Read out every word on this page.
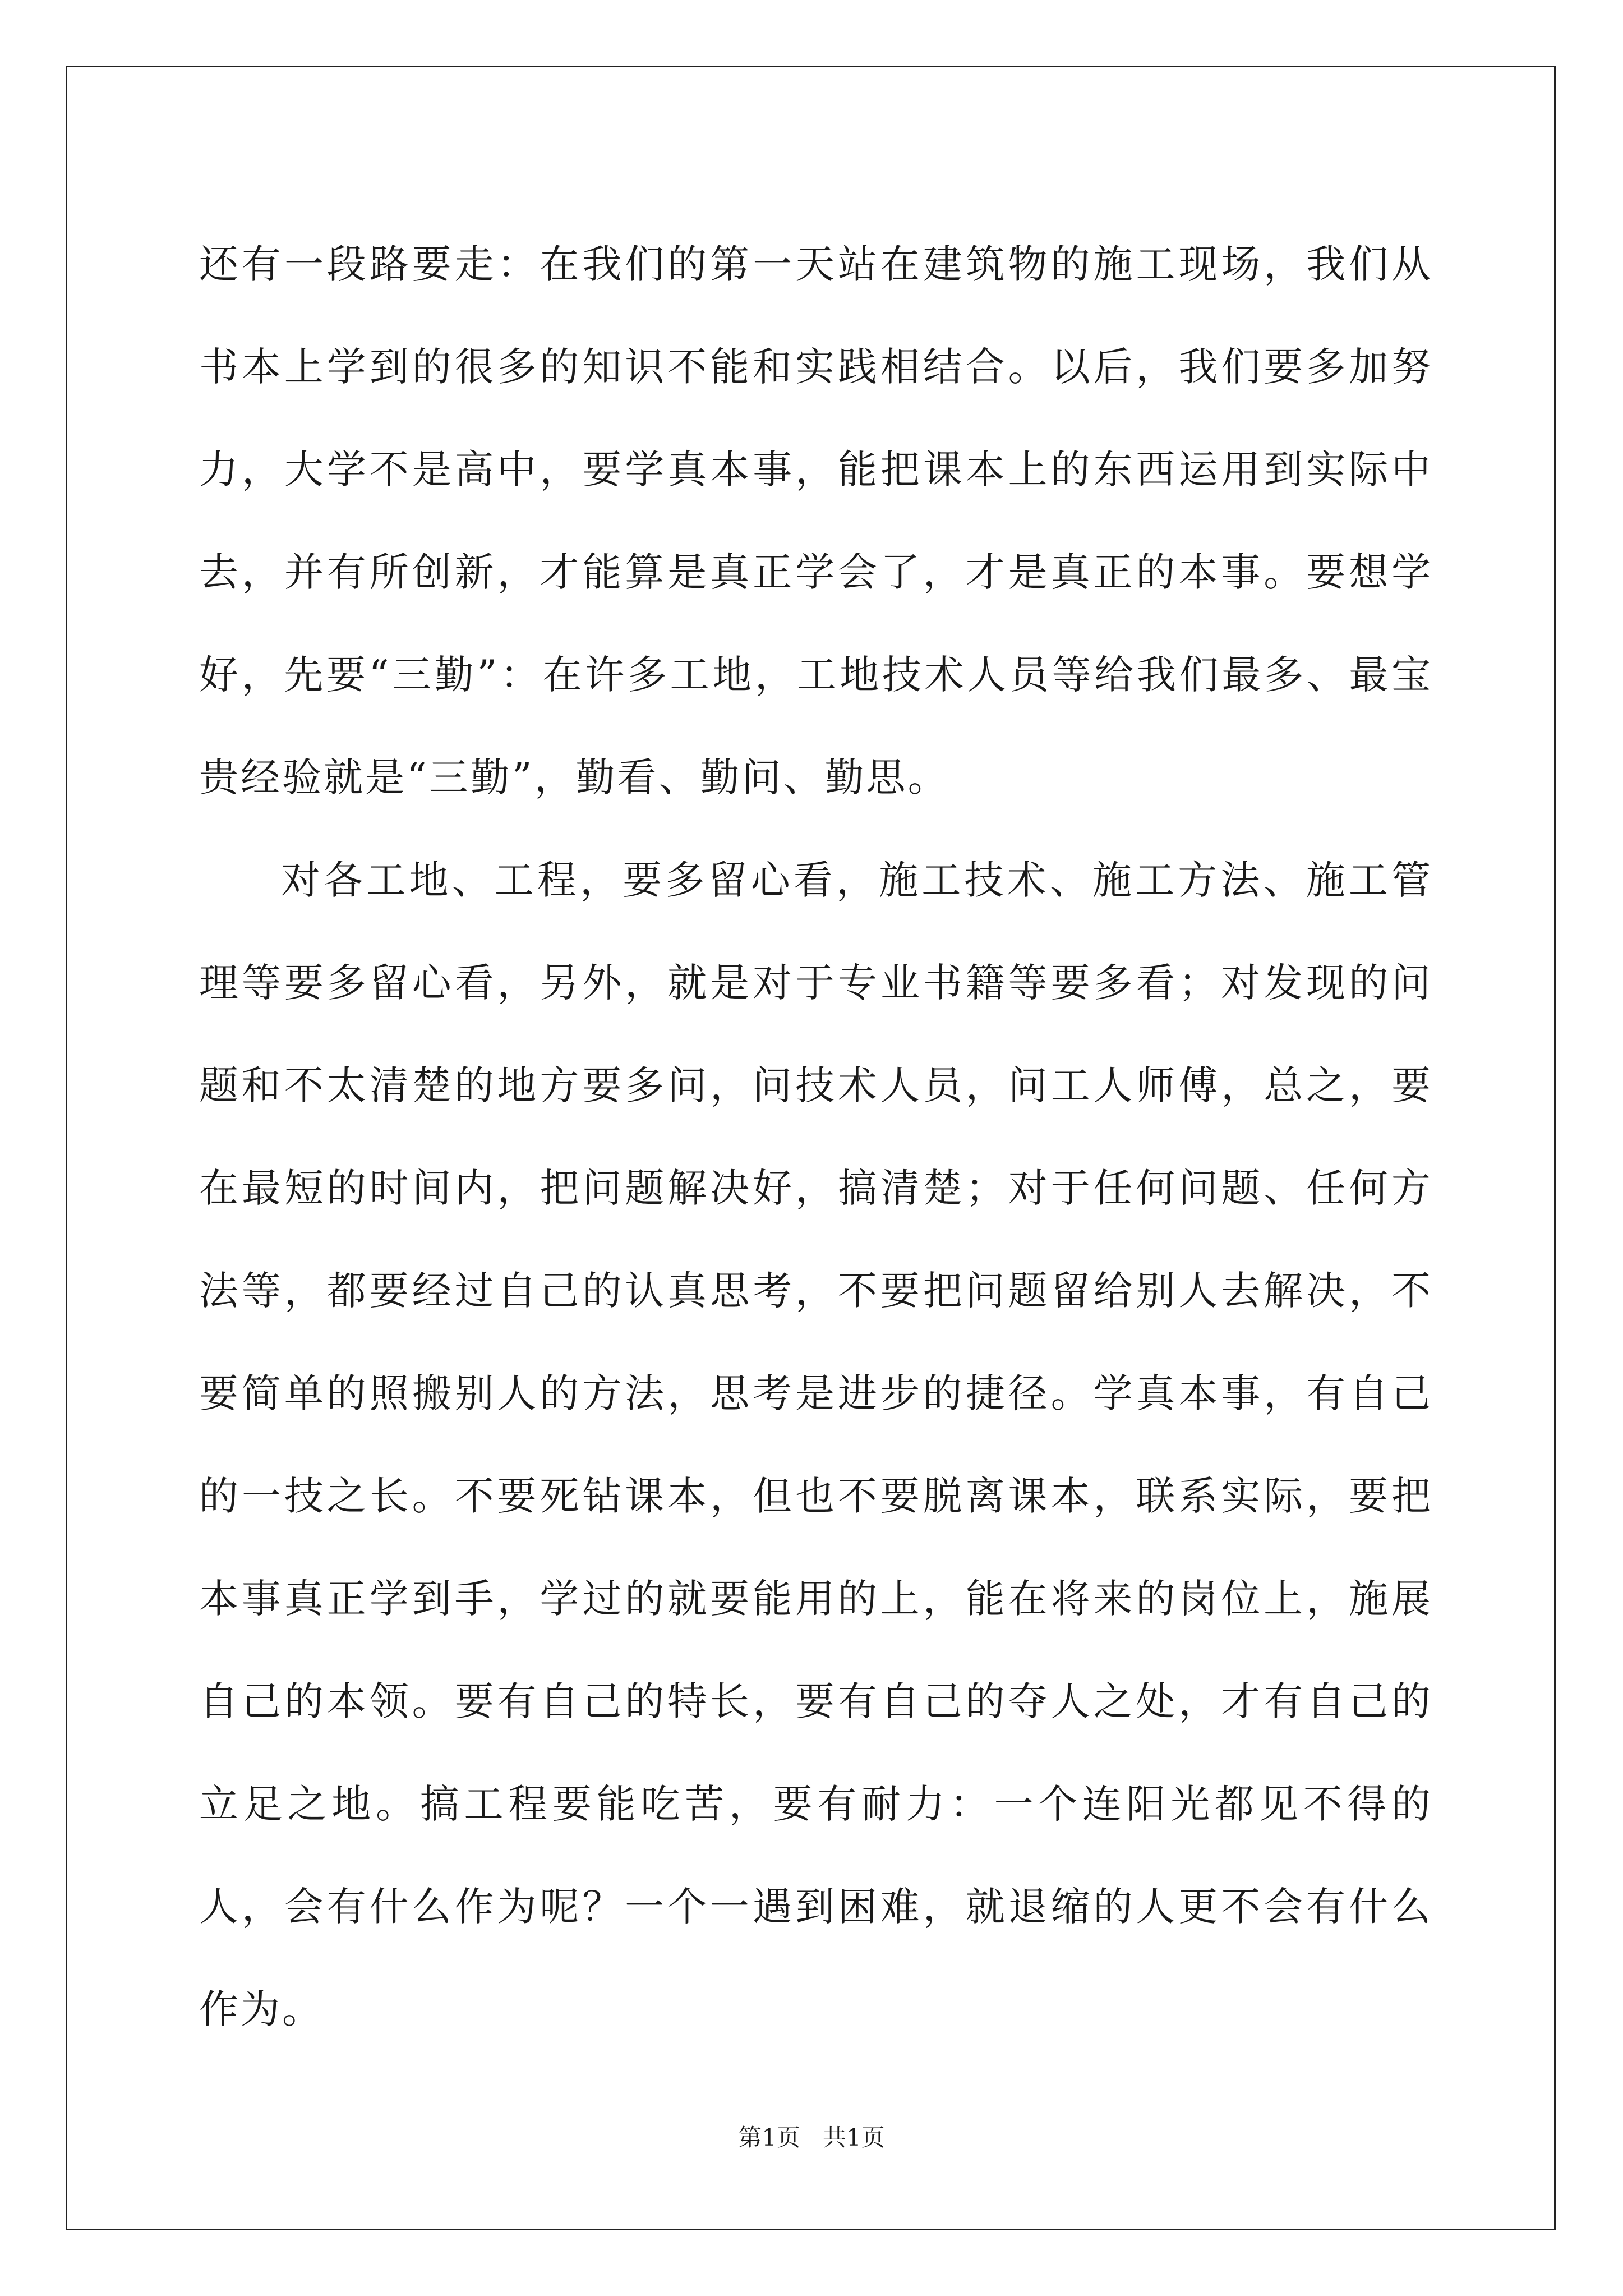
还有一段路要走：在我们的第一天站在建筑物的施工现场，我们从书本上学到的很多的知识不能和实践相结合。以后，我们要多加努力，大学不是高中，要学真本事，能把课本上的东西运用到实际中去，并有所创新，才能算是真正学会了，才是真正的本事。要想学好，先要“三勤”：在许多工地，工地技术人员等给我们最多、最宝贵经验就是“三勤”，勤看、勤问、勤思。

对各工地、工程，要多留心看，施工技术、施工方法、施工管理等要多留心看，另外，就是对于专业书籍等要多看；对发现的问题和不太清楚的地方要多问，问技术人员，问工人师傅，总之，要在最短的时间内，把问题解决好，搞清楚；对于任何问题、任何方法等，都要经过自己的认真思考，不要把问题留给别人去解决，不要简单的照搬别人的方法，思考是进步的捷径。学真本事，有自己的一技之长。不要死钻课本，但也不要脱离课本，联系实际，要把本事真正学到手，学过的就要能用的上，能在将来的岗位上，施展自己的本领。要有自己的特长，要有自己的夺人之处，才有自己的立足之地。搞工程要能吃苦，要有耐力：一个连阳光都见不得的人，会有什么作为呢？一个一遇到困难，就退缩的人更不会有什么作为。

第1页   共1页
